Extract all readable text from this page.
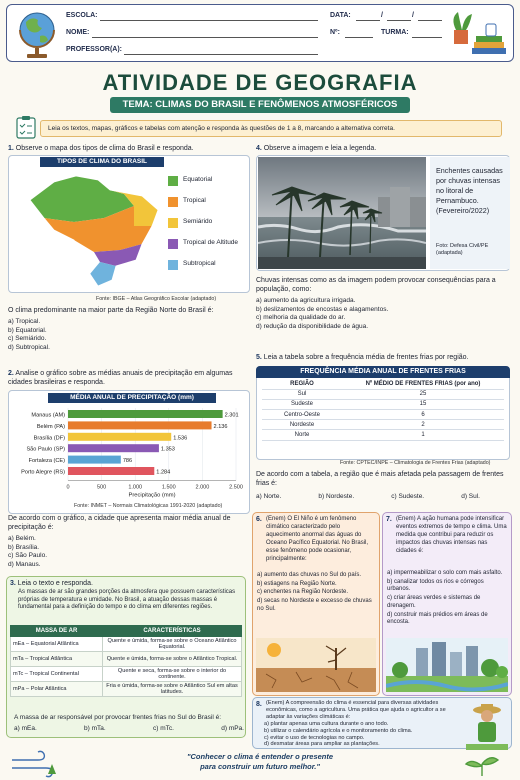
ESCOLA:	DATA:	/	/
NOME:	Nº:	TURMA:
PROFESSOR(A):
ATIVIDADE DE GEOGRAFIA
TEMA: CLIMAS DO BRASIL E FENÔMENOS ATMOSFÉRICOS
Leia os textos, mapas, gráficos e tabelas com atenção e responda às questões de 1 a 8, marcando a alternativa correta.
1. Observe o mapa dos tipos de clima do Brasil e responda.
TIPOS DE CLIMA DO BRASIL
Equatorial
Tropical
Semiárido
Tropical de Altitude
Subtropical
Fonte: IBGE – Atlas Geográfico Escolar (adaptado)
O clima predominante na maior parte da Região Norte do Brasil é:
a) Tropical.
b) Equatorial.
c) Semiárido.
d) Subtropical.
2. Analise o gráfico sobre as médias anuais de precipitação em algumas cidades brasileiras e responda.
MÉDIA ANUAL DE PRECIPITAÇÃO (mm)
0	500	1.000	1.500	2.000	2.500
Manaus (AM)	2.301
Belém (PA)	2.136
Brasília (DF)	1.536
São Paulo (SP)	1.353
Fortaleza (CE)	786
Porto Alegre (RS)	1.284
Precipitação (mm)
Fonte: INMET – Normais Climatológicas 1991-2020 (adaptado)
De acordo com o gráfico, a cidade que apresenta maior média anual de precipitação é:
a) Belém.
b) Brasília.
c) São Paulo.
d) Manaus.
3. Leia o texto e responda.
As massas de ar são grandes porções da atmosfera que possuem características próprias de temperatura e umidade. No Brasil, a atuação dessas massas é fundamental para a definição do tempo e do clima em diferentes regiões.
MASSA DE AR	CARACTERÍSTICAS
mEa – Equatorial Atlântica	Quente e úmida, forma-se sobre o Oceano Atlântico Equatorial.
mTa – Tropical Atlântica	Quente e úmida, forma-se sobre o Atlântico Tropical.
mTc – Tropical Continental	Quente e seca, forma-se sobre o interior do continente.
mPa – Polar Atlântica	Fria e úmida, forma-se sobre o Atlântico Sul em altas latitudes.
A massa de ar responsável por provocar frentes frias no Sul do Brasil é:
a) mEa.	b) mTa.	c) mTc.	d) mPa.
4. Observe a imagem e leia a legenda.
Enchentes causadas por chuvas intensas no litoral de Pernambuco. (Fevereiro/2022)
Foto: Defesa Civil/PE (adaptada)
Chuvas intensas como as da imagem podem provocar consequências para a população, como:
a) aumento da agricultura irrigada.
b) deslizamentos de encostas e alagamentos.
c) melhoria da qualidade do ar.
d) redução da disponibilidade de água.
5. Leia a tabela sobre a frequência média de frentes frias por região.
FREQUÊNCIA MÉDIA ANUAL DE FRENTES FRIAS
REGIÃO	Nº MÉDIO DE FRENTES FRIAS (por ano)
Sul	25
Sudeste	15
Centro-Oeste	6
Nordeste	2
Norte	1
Fonte: CPTEC/INPE – Climatologia de Frentes Frias (adaptado)
De acordo com a tabela, a região que é mais afetada pela passagem de frentes frias é:
a) Norte.	b) Nordeste.	c) Sudeste.	d) Sul.
6. (Enem) O El Niño é um fenômeno climático caracterizado pelo aquecimento anormal das águas do Oceano Pacífico Equatorial. No Brasil, esse fenômeno pode ocasionar, principalmente:
a) aumento das chuvas no Sul do país.
b) estiagens na Região Norte.
c) enchentes na Região Nordeste.
d) secas no Nordeste e excesso de chuvas no Sul.
7. (Enem) A ação humana pode intensificar eventos extremos de tempo e clima. Uma medida que contribui para reduzir os impactos das chuvas intensas nas cidades é:
a) impermeabilizar o solo com mais asfalto.
b) canalizar todos os rios e córregos urbanos.
c) criar áreas verdes e sistemas de drenagem.
d) construir mais prédios em áreas de encosta.
8. (Enem) A compreensão do clima é essencial para diversas atividades econômicas, como a agricultura. Uma prática que ajuda o agricultor a se adaptar às variações climáticas é:
a) plantar apenas uma cultura durante o ano todo.
b) utilizar o calendário agrícola e o monitoramento do clima.
c) evitar o uso de tecnologias no campo.
d) desmatar áreas para ampliar as plantações.
"Conhecer o clima é entender o presente
para construir um futuro melhor."
